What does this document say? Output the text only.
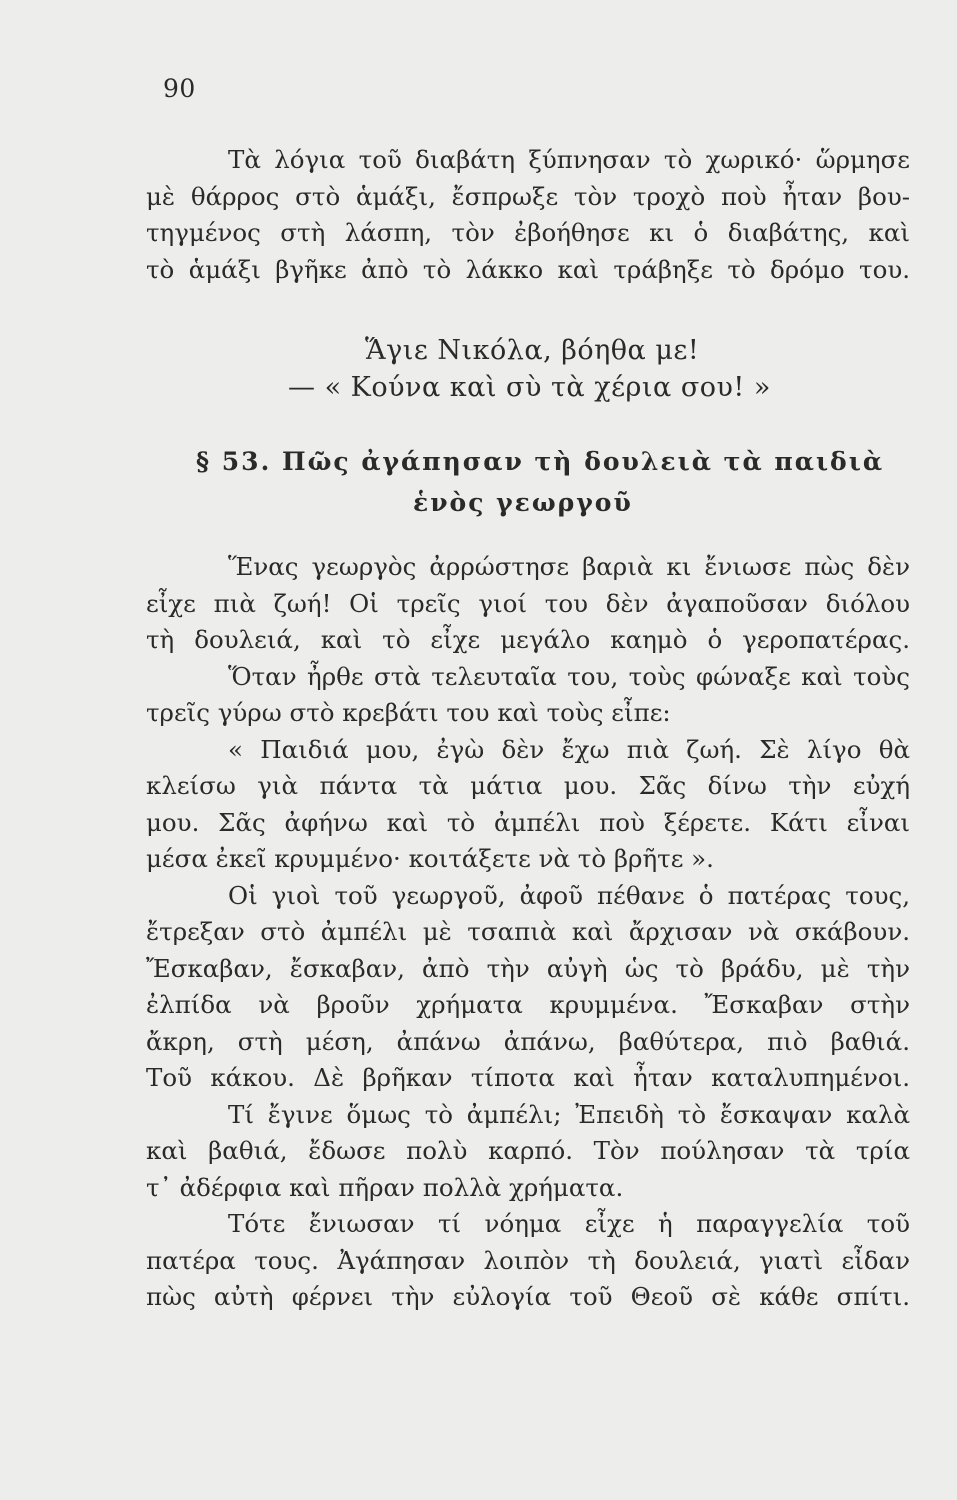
90
Τὰ λόγια τοῦ διαβάτη ξύπνησαν τὸ χωρικό· ὥρμησε
μὲ θάρρος στὸ ἁμάξι, ἔσπρωξε τὸν τροχὸ ποὺ ἦταν βου-
τηγμένος στὴ λάσπη, τὸν ἐβοήθησε κι ὁ διαβάτης, καὶ
τὸ ἁμάξι βγῆκε ἀπὸ τὸ λάκκο καὶ τράβηξε τὸ δρόμο του.
Ἅγιε Νικόλα, βόηθα με!
— « Κούνα καὶ σὺ τὰ χέρια σου! »
§ 53. Πῶς ἀγάπησαν τὴ δουλειὰ τὰ παιδιὰ
ἑνὸς γεωργοῦ
Ἕνας γεωργὸς ἀρρώστησε βαριὰ κι ἔνιωσε πὼς δὲν
εἶχε πιὰ ζωή! Οἱ τρεῖς γιοί του δὲν ἀγαποῦσαν διόλου
τὴ δουλειά, καὶ τὸ εἶχε μεγάλο καημὸ ὁ γεροπατέρας.
Ὅταν ἦρθε στὰ τελευταῖα του, τοὺς φώναξε καὶ τοὺς
τρεῖς γύρω στὸ κρεβάτι του καὶ τοὺς εἶπε:
« Παιδιά μου, ἐγὼ δὲν ἔχω πιὰ ζωή. Σὲ λίγο θὰ
κλείσω γιὰ πάντα τὰ μάτια μου. Σᾶς δίνω τὴν εὐχή
μου. Σᾶς ἀφήνω καὶ τὸ ἀμπέλι ποὺ ξέρετε. Κάτι εἶναι
μέσα ἐκεῖ κρυμμένο· κοιτάξετε νὰ τὸ βρῆτε ».
Οἱ γιοὶ τοῦ γεωργοῦ, ἀφοῦ πέθανε ὁ πατέρας τους,
ἔτρεξαν στὸ ἀμπέλι μὲ τσαπιὰ καὶ ἄρχισαν νὰ σκάβουν.
Ἔσκαβαν, ἔσκαβαν, ἀπὸ τὴν αὐγὴ ὡς τὸ βράδυ, μὲ τὴν
ἐλπίδα νὰ βροῦν χρήματα κρυμμένα. Ἔσκαβαν στὴν
ἄκρη, στὴ μέση, ἀπάνω ἀπάνω, βαθύτερα, πιὸ βαθιά.
Τοῦ κάκου. Δὲ βρῆκαν τίποτα καὶ ἦταν καταλυπημένοι.
Τί ἔγινε ὅμως τὸ ἀμπέλι; Ἐπειδὴ τὸ ἔσκαψαν καλὰ
καὶ βαθιά, ἔδωσε πολὺ καρπό. Τὸν πούλησαν τὰ τρία
τ᾽ ἀδέρφια καὶ πῆραν πολλὰ χρήματα.
Τότε ἔνιωσαν τί νόημα εἶχε ἡ παραγγελία τοῦ
πατέρα τους. Ἀγάπησαν λοιπὸν τὴ δουλειά, γιατὶ εἶδαν
πὼς αὐτὴ φέρνει τὴν εὐλογία τοῦ Θεοῦ σὲ κάθε σπίτι.
